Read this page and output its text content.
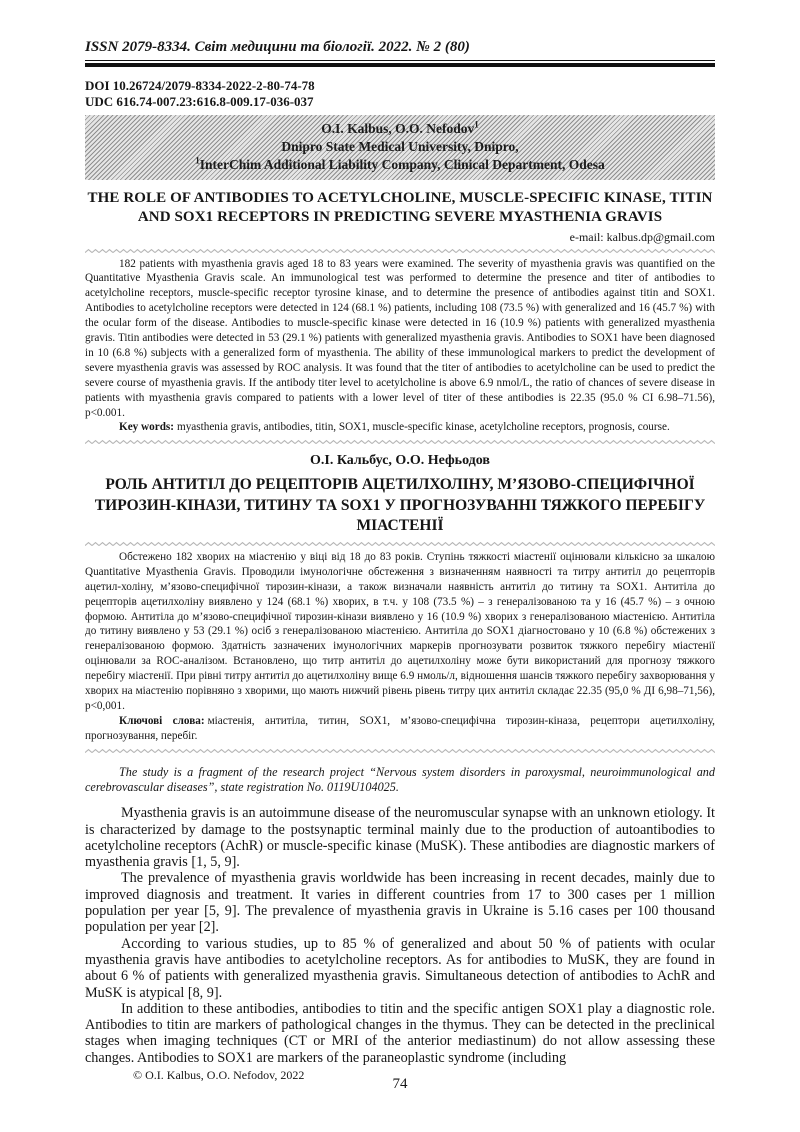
ISSN 2079-8334. Світ медицини та біології. 2022. № 2 (80)
DOI 10.26724/2079-8334-2022-2-80-74-78
UDC 616.74-007.23:616.8-009.17-036-037
O.I. Kalbus, O.O. Nefodov$^1$
Dnipro State Medical University, Dnipro,
$^1$InterChim Additional Liability Company, Clinical Department, Odesa
THE ROLE OF ANTIBODIES TO ACETYLCHOLINE, MUSCLE-SPECIFIC KINASE, TITIN AND SOX1 RECEPTORS IN PREDICTING SEVERE MYASTHENIA GRAVIS
e-mail: kalbus.dp@gmail.com
182 patients with myasthenia gravis aged 18 to 83 years were examined. The severity of myasthenia gravis was quantified on the Quantitative Myasthenia Gravis scale. An immunological test was performed to determine the presence and titer of antibodies to acetylcholine receptors, muscle-specific receptor tyrosine kinase, and to determine the presence of antibodies against titin and SOX1. Antibodies to acetylcholine receptors were detected in 124 (68.1 %) patients, including 108 (73.5 %) with generalized and 16 (45.7 %) with the ocular form of the disease. Antibodies to muscle-specific kinase were detected in 16 (10.9 %) patients with generalized myasthenia gravis. Titin antibodies were detected in 53 (29.1 %) patients with generalized myasthenia gravis. Antibodies to SOX1 have been diagnosed in 10 (6.8 %) subjects with a generalized form of myasthenia. The ability of these immunological markers to predict the development of severe myasthenia gravis was assessed by ROC analysis. It was found that the titer of antibodies to acetylcholine can be used to predict the severe course of myasthenia gravis. If the antibody titer level to acetylcholine is above 6.9 nmol/L, the ratio of chances of severe disease in patients with myasthenia gravis compared to patients with a lower level of titer of these antibodies is 22.35 (95.0 % CI 6.98–71.56), p<0.001.
Key words: myasthenia gravis, antibodies, titin, SOX1, muscle-specific kinase, acetylcholine receptors, prognosis, course.
О.І. Кальбус, О.О. Нефьодов
РОЛЬ АНТИТІЛ ДО РЕЦЕПТОРІВ АЦЕТИЛХОЛІНУ, М’ЯЗОВО-СПЕЦИФІЧНОЇ ТИРОЗИН-КІНАЗИ, ТИТИНУ ТА SOX1 У ПРОГНОЗУВАННІ ТЯЖКОГО ПЕРЕБІГУ МІАСТЕНІЇ
Обстежено 182 хворих на міастенію у віці від 18 до 83 років. Ступінь тяжкості міастенії оцінювали кількісно за шкалою Quantitative Myasthenia Gravis. Проводили імунологічне обстеження з визначенням наявності та титру антитіл до рецепторів ацетил-холіну, м’язово-специфічної тирозин-кінази, а також визначали наявність антитіл до титину та SOX1. Антитіла до рецепторів ацетилхоліну виявлено у 124 (68.1 %) хворих, в т.ч. у 108 (73.5 %) – з генералізованою та у 16 (45.7 %) – з очною формою. Антитіла до м’язово-специфічної тирозин-кінази виявлено у 16 (10.9 %) хворих з генералізованою міастенією. Антитіла до титину виявлено у 53 (29.1 %) осіб з генералізованою міастенією. Антитіла до SOX1 діагностовано у 10 (6.8 %) обстежених з генералізованою формою. Здатність зазначених імунологічних маркерів прогнозувати розвиток тяжкого перебігу міастенії оцінювали за ROC-аналізом. Встановлено, що титр антитіл до ацетилхоліну може бути використаний для прогнозу тяжкого перебігу міастенії. При рівні титру антитіл до ацетилхоліну вище 6.9 нмоль/л, відношення шансів тяжкого перебігу захворювання у хворих на міастенію порівняно з хворими, що мають нижчий рівень рівень титру цих антитіл складає 22.35 (95,0 % ДІ 6,98–71,56), p<0,001.
Ключові слова: міастенія, антитіла, титин, SOX1, м’язово-специфічна тирозин-кіназа, рецептори ацетилхоліну, прогнозування, перебіг.
The study is a fragment of the research project “Nervous system disorders in paroxysmal, neuroimmunological and cerebrovascular diseases”, state registration No. 0119U104025.

Myasthenia gravis is an autoimmune disease of the neuromuscular synapse with an unknown etiology. It is characterized by damage to the postsynaptic terminal mainly due to the production of autoantibodies to acetylcholine receptors (AchR) or muscle-specific kinase (MuSK). These antibodies are diagnostic markers of myasthenia gravis [1, 5, 9].

The prevalence of myasthenia gravis worldwide has been increasing in recent decades, mainly due to improved diagnosis and treatment. It varies in different countries from 17 to 300 cases per 1 million population per year [5, 9]. The prevalence of myasthenia gravis in Ukraine is 5.16 cases per 100 thousand population per year [2].

According to various studies, up to 85 % of generalized and about 50 % of patients with ocular myasthenia gravis have antibodies to acetylcholine receptors. As for antibodies to MuSK, they are found in about 6 % of patients with generalized myasthenia gravis. Simultaneous detection of antibodies to AchR and MuSK is atypical [8, 9].

In addition to these antibodies, antibodies to titin and the specific antigen SOX1 play a diagnostic role. Antibodies to titin are markers of pathological changes in the thymus. They can be detected in the preclinical stages when imaging techniques (CT or MRI of the anterior mediastinum) do not allow assessing these changes. Antibodies to SOX1 are markers of the paraneoplastic syndrome (including

© O.I. Kalbus, O.O. Nefodov, 2022
74
